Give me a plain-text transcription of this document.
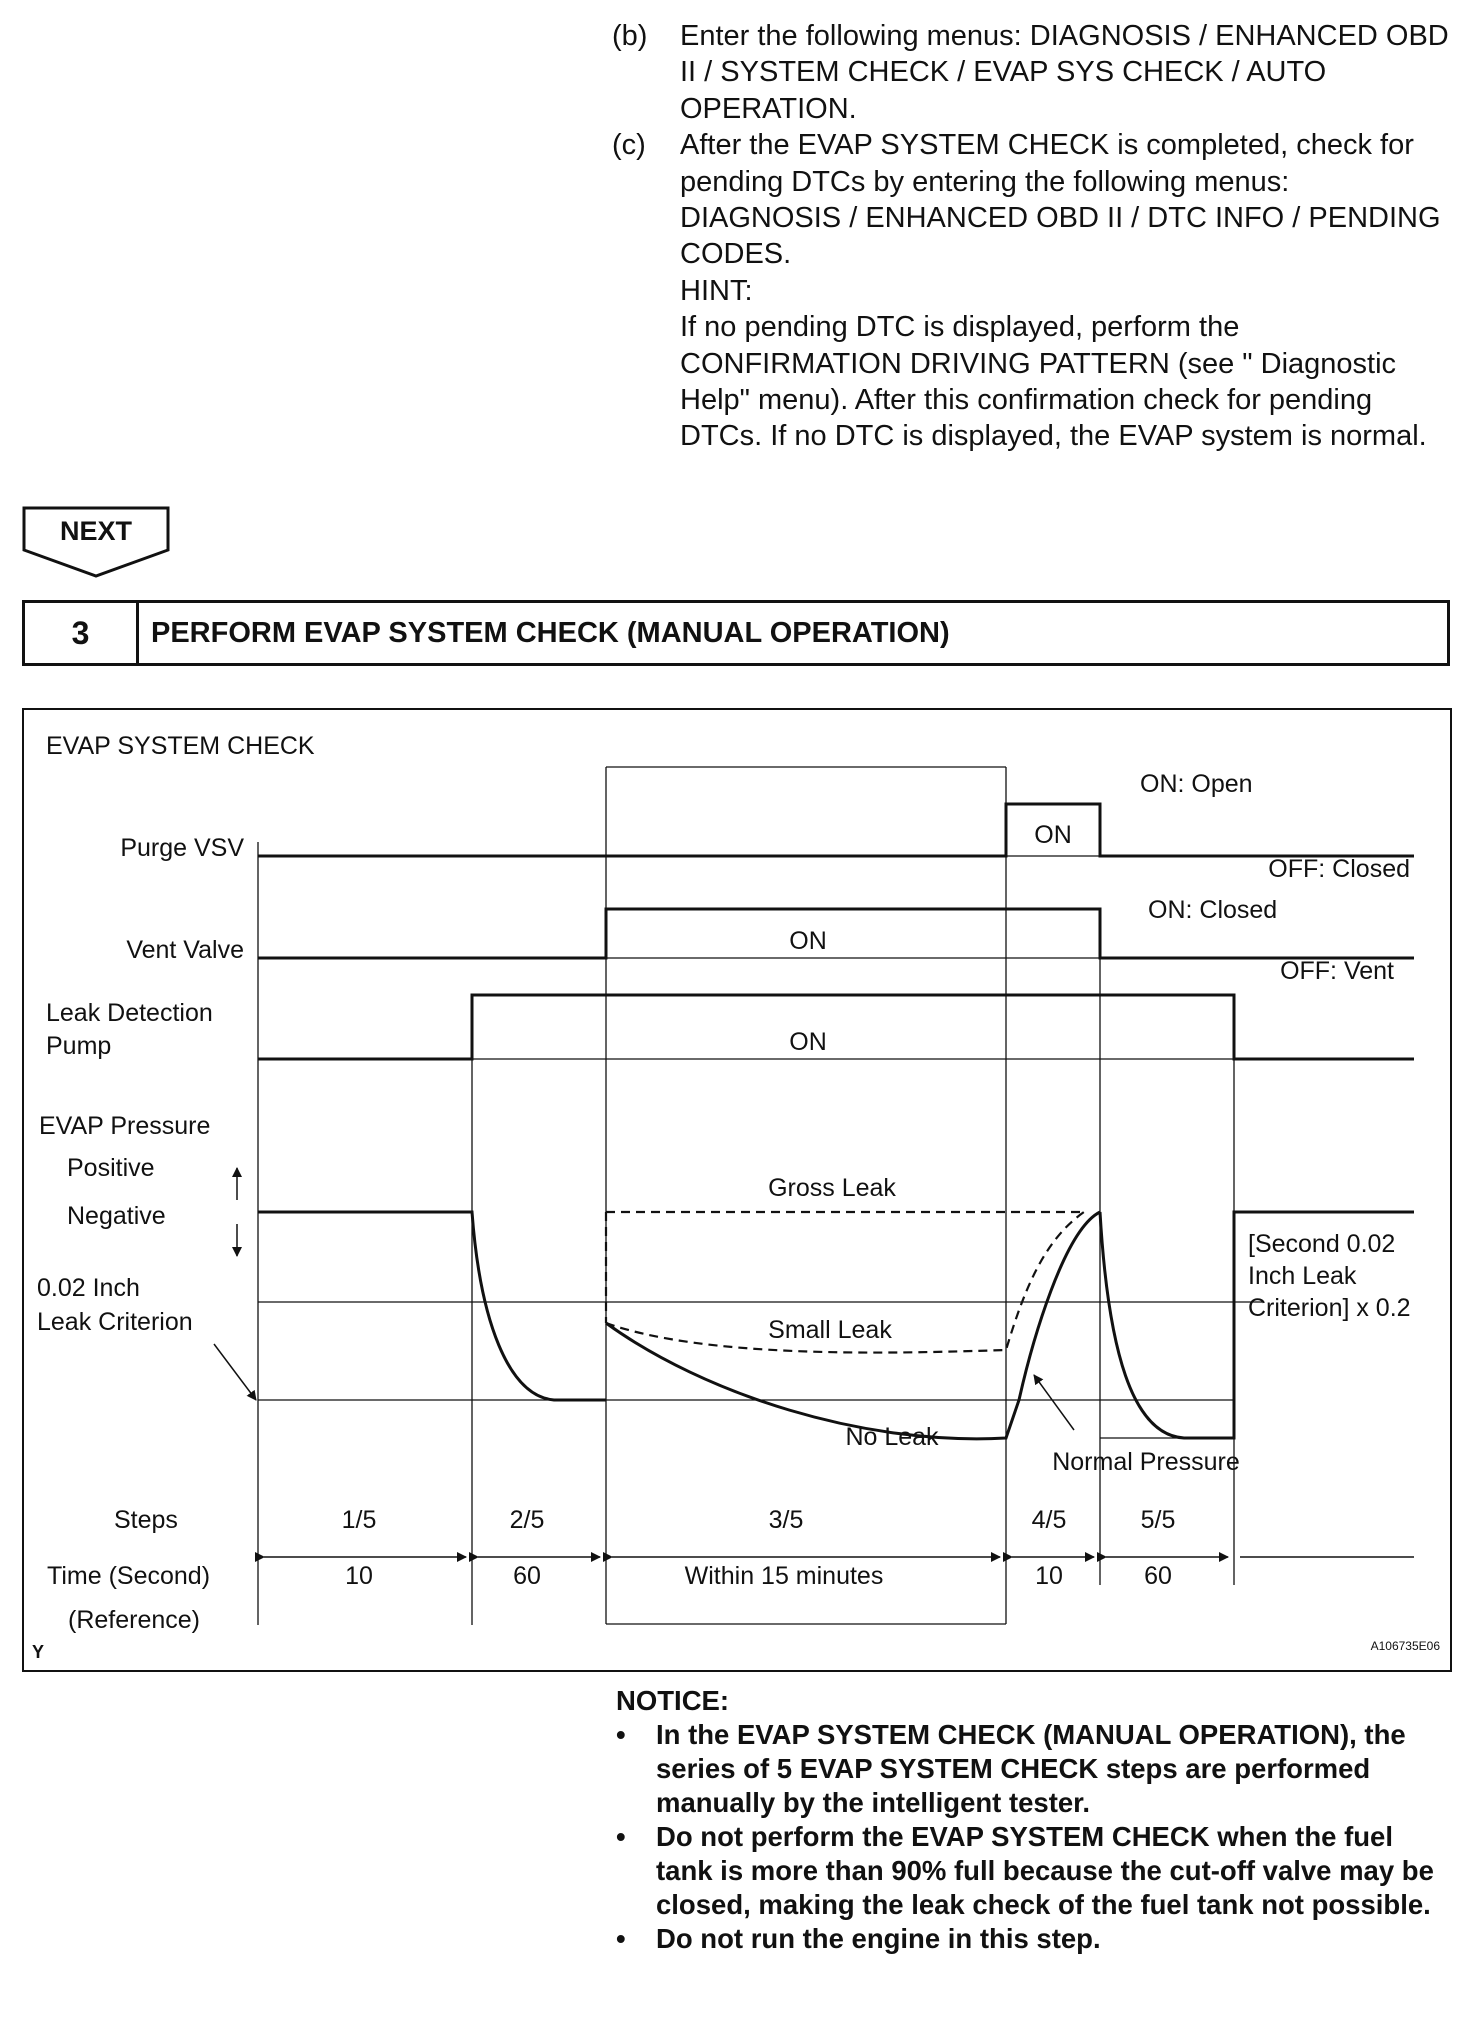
(b)	Enter the following menus: DIAGNOSIS / ENHANCED OBD II / SYSTEM CHECK / EVAP SYS CHECK / AUTO OPERATION.

(c)	After the EVAP SYSTEM CHECK is completed, check for pending DTCs by entering the following menus: DIAGNOSIS / ENHANCED OBD II / DTC INFO / PENDING CODES.

HINT:

If no pending DTC is displayed, perform the CONFIRMATION DRIVING PATTERN (see " Diagnostic Help" menu). After this confirmation check for pending DTCs. If no DTC is displayed, the EVAP system is normal.

NEXT
3	PERFORM EVAP SYSTEM CHECK (MANUAL OPERATION)
EVAP SYSTEM CHECK
Purge VSV
Vent Valve
Leak Detection
Pump
EVAP Pressure
Positive
Negative
0.02 Inch
Leak Criterion
Steps
Time (Second)
(Reference)
ON
ON
ON
ON: Open
OFF: Closed
ON: Closed
OFF: Vent
Gross Leak
Small Leak
No Leak
Normal Pressure
[Second 0.02
Inch Leak
Criterion] x 0.2
1/5	2/5	3/5	4/5	5/5
10	60	Within 15 minutes	10	60
Y	A106735E06

NOTICE:

•	In the EVAP SYSTEM CHECK (MANUAL OPERATION), the series of 5 EVAP SYSTEM CHECK steps are performed manually by the intelligent tester.
•	Do not perform the EVAP SYSTEM CHECK when the fuel tank is more than 90% full because the cut-off valve may be closed, making the leak check of the fuel tank not possible.
•	Do not run the engine in this step.
